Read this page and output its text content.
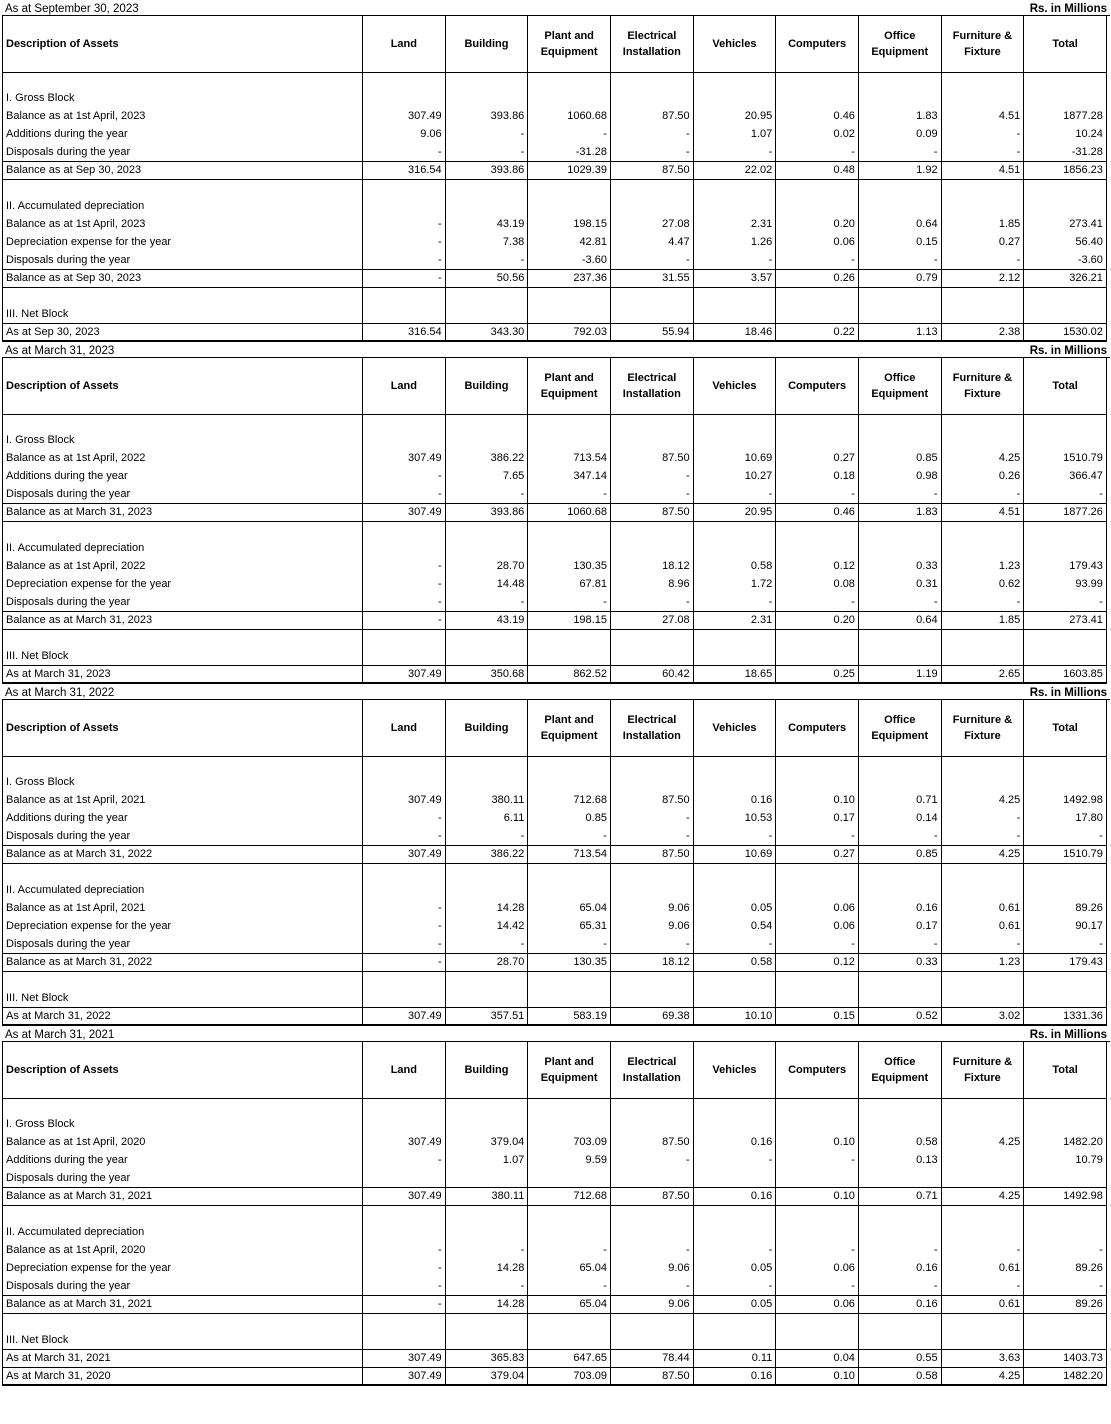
As at September 30, 2023	Rs. in Millions
Description of Assets	Land	Building	Plant and Equipment	Electrical Installation	Vehicles	Computers	Office Equipment	Furniture & Fixture	Total

I. Gross Block									
Balance as at 1st April, 2023	307.49	393.86	1060.68	87.50	20.95	0.46	1.83	4.51	1877.28
Additions during the year	9.06	-	-	-	1.07	0.02	0.09	-	10.24
Disposals during the year	-	-	-31.28	-	-	-	-	-	-31.28
Balance as at Sep 30, 2023	316.54	393.86	1029.39	87.50	22.02	0.48	1.92	4.51	1856.23

II. Accumulated depreciation									
Balance as at 1st April, 2023	-	43.19	198.15	27.08	2.31	0.20	0.64	1.85	273.41
Depreciation expense for the year	-	7.38	42.81	4.47	1.26	0.06	0.15	0.27	56.40
Disposals during the year	-	-	-3.60	-	-	-	-	-	-3.60
Balance as at Sep 30, 2023	-	50.56	237.36	31.55	3.57	0.26	0.79	2.12	326.21

III. Net Block									
As at Sep 30, 2023	316.54	343.30	792.03	55.94	18.46	0.22	1.13	2.38	1530.02
As at March 31, 2023	Rs. in Millions
Description of Assets	Land	Building	Plant and Equipment	Electrical Installation	Vehicles	Computers	Office Equipment	Furniture & Fixture	Total

I. Gross Block									
Balance as at 1st April, 2022	307.49	386.22	713.54	87.50	10.69	0.27	0.85	4.25	1510.79
Additions during the year	-	7.65	347.14	-	10.27	0.18	0.98	0.26	366.47
Disposals during the year	-	-	-	-	-	-	-	-	-
Balance as at March 31, 2023	307.49	393.86	1060.68	87.50	20.95	0.46	1.83	4.51	1877.26

II. Accumulated depreciation									
Balance as at 1st April, 2022	-	28.70	130.35	18.12	0.58	0.12	0.33	1.23	179.43
Depreciation expense for the year	-	14.48	67.81	8.96	1.72	0.08	0.31	0.62	93.99
Disposals during the year	-	-	-	-	-	-	-	-	-
Balance as at March 31, 2023	-	43.19	198.15	27.08	2.31	0.20	0.64	1.85	273.41

III. Net Block									
As at March 31, 2023	307.49	350.68	862.52	60.42	18.65	0.25	1.19	2.65	1603.85
As at March 31, 2022	Rs. in Millions
Description of Assets	Land	Building	Plant and Equipment	Electrical Installation	Vehicles	Computers	Office Equipment	Furniture & Fixture	Total

I. Gross Block									
Balance as at 1st April, 2021	307.49	380.11	712.68	87.50	0.16	0.10	0.71	4.25	1492.98
Additions during the year	-	6.11	0.85	-	10.53	0.17	0.14	-	17.80
Disposals during the year	-	-	-	-	-	-	-	-	-
Balance as at March 31, 2022	307.49	386.22	713.54	87.50	10.69	0.27	0.85	4.25	1510.79

II. Accumulated depreciation									
Balance as at 1st April, 2021	-	14.28	65.04	9.06	0.05	0.06	0.16	0.61	89.26
Depreciation expense for the year	-	14.42	65.31	9.06	0.54	0.06	0.17	0.61	90.17
Disposals during the year	-	-	-	-	-	-	-	-	-
Balance as at March 31, 2022	-	28.70	130.35	18.12	0.58	0.12	0.33	1.23	179.43

III. Net Block									
As at March 31, 2022	307.49	357.51	583.19	69.38	10.10	0.15	0.52	3.02	1331.36
As at March 31, 2021	Rs. in Millions
Description of Assets	Land	Building	Plant and Equipment	Electrical Installation	Vehicles	Computers	Office Equipment	Furniture & Fixture	Total

I. Gross Block									
Balance as at 1st April, 2020	307.49	379.04	703.09	87.50	0.16	0.10	0.58	4.25	1482.20
Additions during the year	-	1.07	9.59	-	-	-	0.13		10.79
Disposals during the year									
Balance as at March 31, 2021	307.49	380.11	712.68	87.50	0.16	0.10	0.71	4.25	1492.98

II. Accumulated depreciation									
Balance as at 1st April, 2020	-	-	-	-	-	-	-	-	-
Depreciation expense for the year	-	14.28	65.04	9.06	0.05	0.06	0.16	0.61	89.26
Disposals during the year	-	-	-	-	-	-	-	-	-
Balance as at March 31, 2021	-	14.28	65.04	9.06	0.05	0.06	0.16	0.61	89.26

III. Net Block									
As at March 31, 2021	307.49	365.83	647.65	78.44	0.11	0.04	0.55	3.63	1403.73
As at March 31, 2020	307.49	379.04	703.09	87.50	0.16	0.10	0.58	4.25	1482.20
